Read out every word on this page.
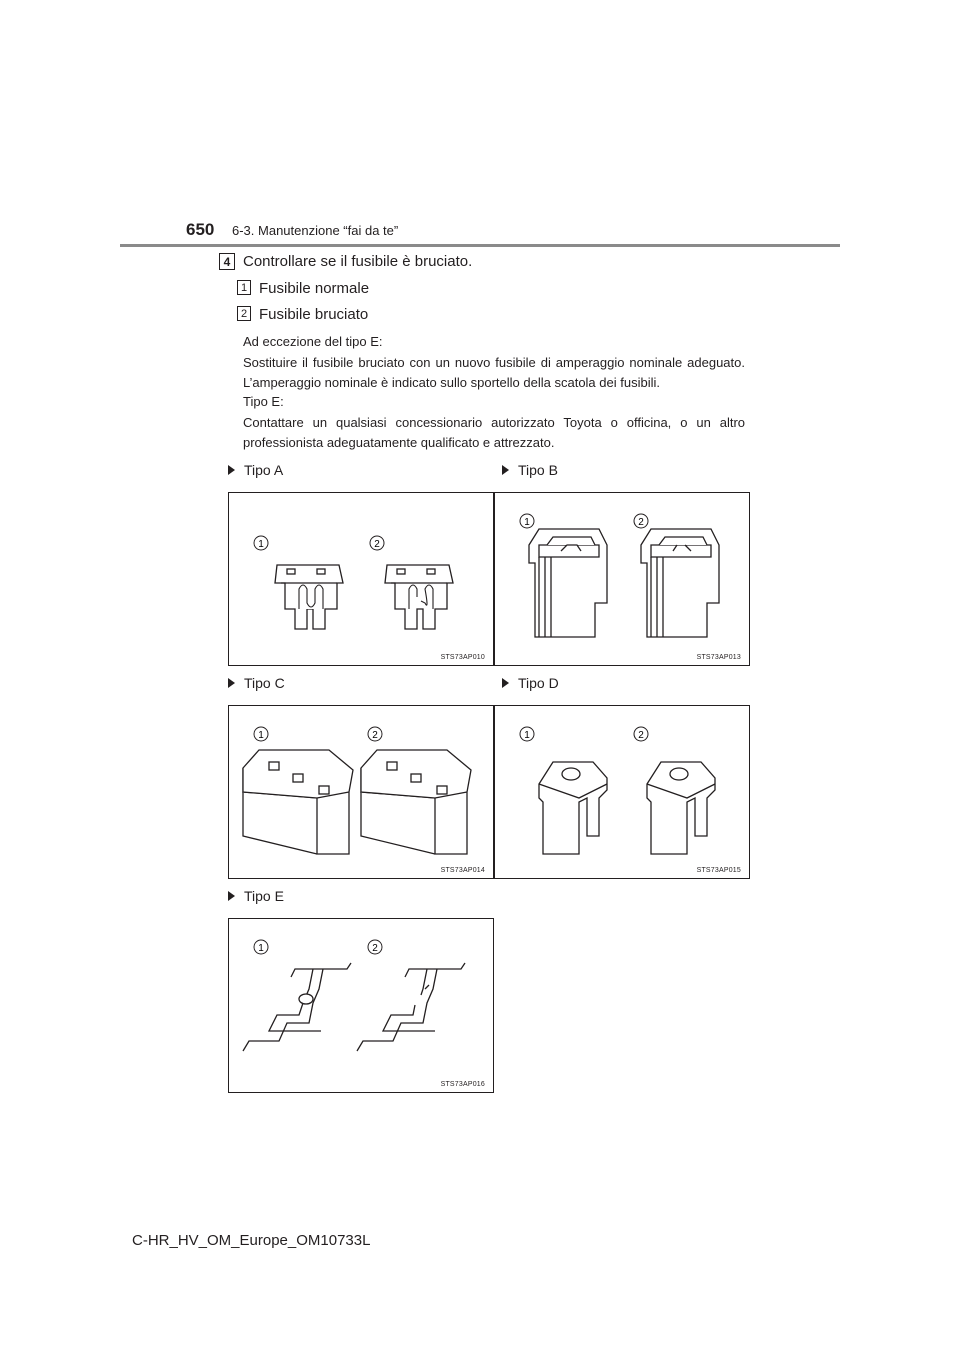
650 6-3. Manutenzione “fai da te”
4 Controllare se il fusibile è bruciato.
1 Fusibile normale
2 Fusibile bruciato
Ad eccezione del tipo E:
Sostituire il fusibile bruciato con un nuovo fusibile di amperaggio nominale adeguato. L’amperaggio nominale è indicato sullo sportello della scatola dei fusibili.
Tipo E:
Contattare un qualsiasi concessionario autorizzato Toyota o officina, o un altro professionista adeguatamente qualificato e attrezzato.
Tipo A	Tipo B
Tipo C	Tipo D
Tipo E
1	2
STS73AP010
1	2
STS73AP013
1	2
STS73AP014
1	2
STS73AP015
1	2
STS73AP016
C-HR_HV_OM_Europe_OM10733L
